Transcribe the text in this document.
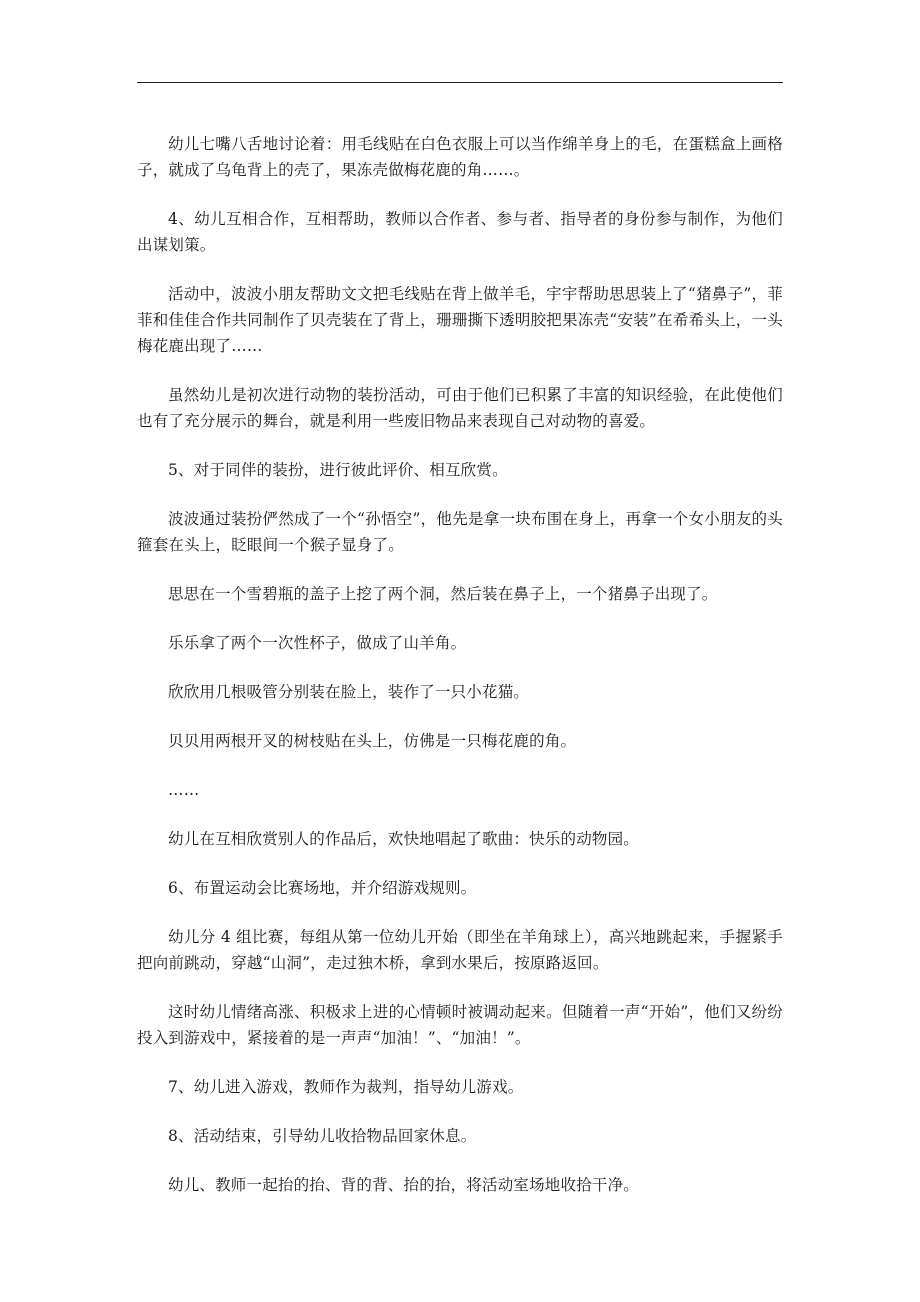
幼儿七嘴八舌地讨论着：用毛线贴在白色衣服上可以当作绵羊身上的毛，在蛋糕盒上画格子，就成了乌龟背上的壳了，果冻壳做梅花鹿的角……。

4、幼儿互相合作，互相帮助，教师以合作者、参与者、指导者的身份参与制作，为他们出谋划策。

活动中，波波小朋友帮助文文把毛线贴在背上做羊毛，宇宇帮助思思装上了“猪鼻子”，菲菲和佳佳合作共同制作了贝壳装在了背上，珊珊撕下透明胶把果冻壳“安装”在希希头上，一头梅花鹿出现了……

虽然幼儿是初次进行动物的装扮活动，可由于他们已积累了丰富的知识经验，在此使他们也有了充分展示的舞台，就是利用一些废旧物品来表现自己对动物的喜爱。

5、对于同伴的装扮，进行彼此评价、相互欣赏。

波波通过装扮俨然成了一个“孙悟空”，他先是拿一块布围在身上，再拿一个女小朋友的头箍套在头上，眨眼间一个猴子显身了。

思思在一个雪碧瓶的盖子上挖了两个洞，然后装在鼻子上，一个猪鼻子出现了。

乐乐拿了两个一次性杯子，做成了山羊角。

欣欣用几根吸管分别装在脸上，装作了一只小花猫。

贝贝用两根开叉的树枝贴在头上，仿佛是一只梅花鹿的角。

……

幼儿在互相欣赏别人的作品后，欢快地唱起了歌曲：快乐的动物园。

6、布置运动会比赛场地，并介绍游戏规则。

幼儿分 4 组比赛，每组从第一位幼儿开始（即坐在羊角球上），高兴地跳起来，手握紧手把向前跳动，穿越“山洞”，走过独木桥，拿到水果后，按原路返回。

这时幼儿情绪高涨、积极求上进的心情顿时被调动起来。但随着一声“开始”，他们又纷纷投入到游戏中，紧接着的是一声声“加油！”、“加油！”。

7、幼儿进入游戏，教师作为裁判，指导幼儿游戏。

8、活动结束，引导幼儿收拾物品回家休息。

幼儿、教师一起抬的抬、背的背、抬的抬，将活动室场地收拾干净。
